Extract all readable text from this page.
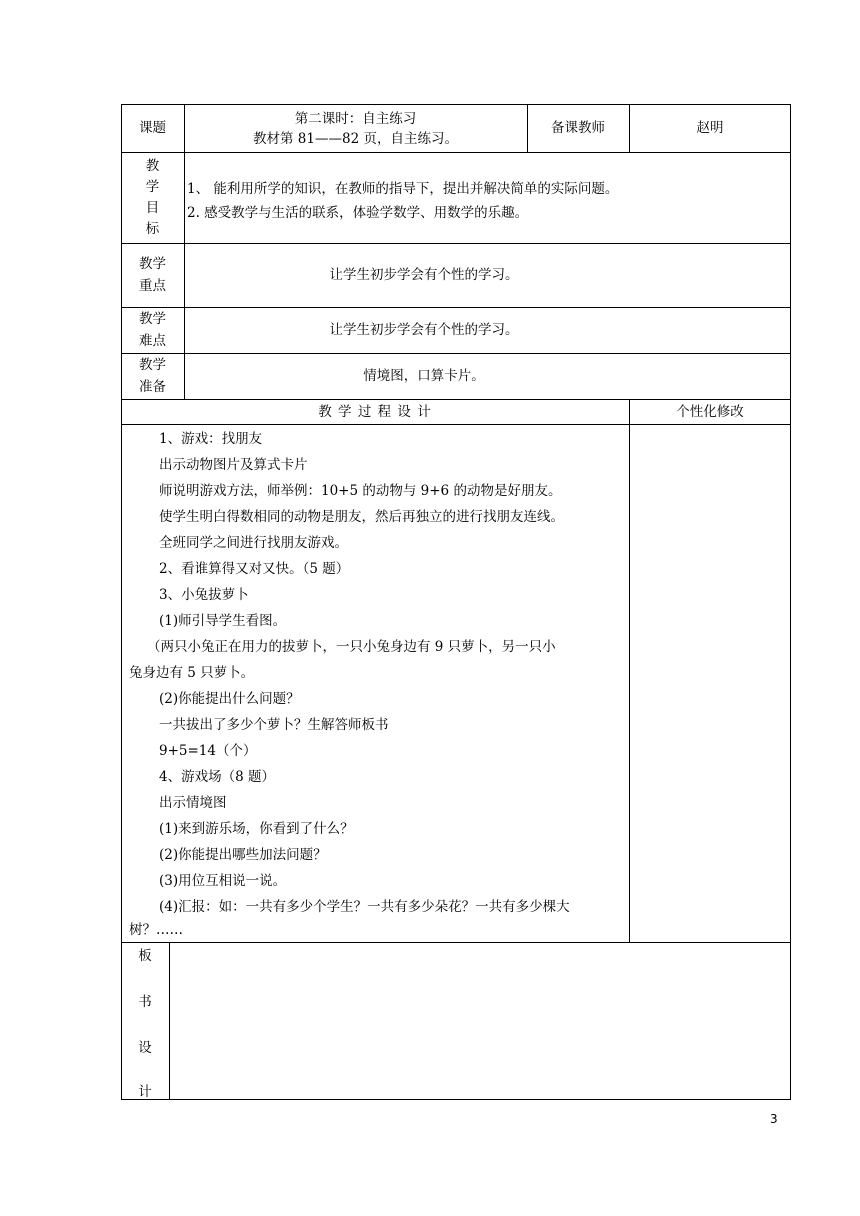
课题
第二课时：自主练习
教材第 81——82 页，自主练习。
备课教师	赵明
教
学
目
标
1、 能利用所学的知识，在教师的指导下，提出并解决简单的实际问题。
2. 感受教学与生活的联系，体验学数学、用数学的乐趣。
教学
重点
让学生初步学会有个性的学习。
教学
难点
让学生初步学会有个性的学习。
教学
准备
情境图，口算卡片。
教 学 过 程 设 计	个性化修改
1、游戏：找朋友
出示动物图片及算式卡片
师说明游戏方法，师举例：10+5 的动物与 9+6 的动物是好朋友。
使学生明白得数相同的动物是朋友，然后再独立的进行找朋友连线。
全班同学之间进行找朋友游戏。
2、看谁算得又对又快。（5 题）
3、小兔拔萝卜
(1)师引导学生看图。
（两只小兔正在用力的拔萝卜，一只小兔身边有 9 只萝卜，另一只小
兔身边有 5 只萝卜。
(2)你能提出什么问题？
一共拔出了多少个萝卜？生解答师板书
9+5=14（个）
4、游戏场（8 题）
出示情境图
(1)来到游乐场，你看到了什么？
(2)你能提出哪些加法问题？
(3)用位互相说一说。
(4)汇报：如：一共有多少个学生？一共有多少朵花？一共有多少棵大
树？……
板
书
设
计
3
